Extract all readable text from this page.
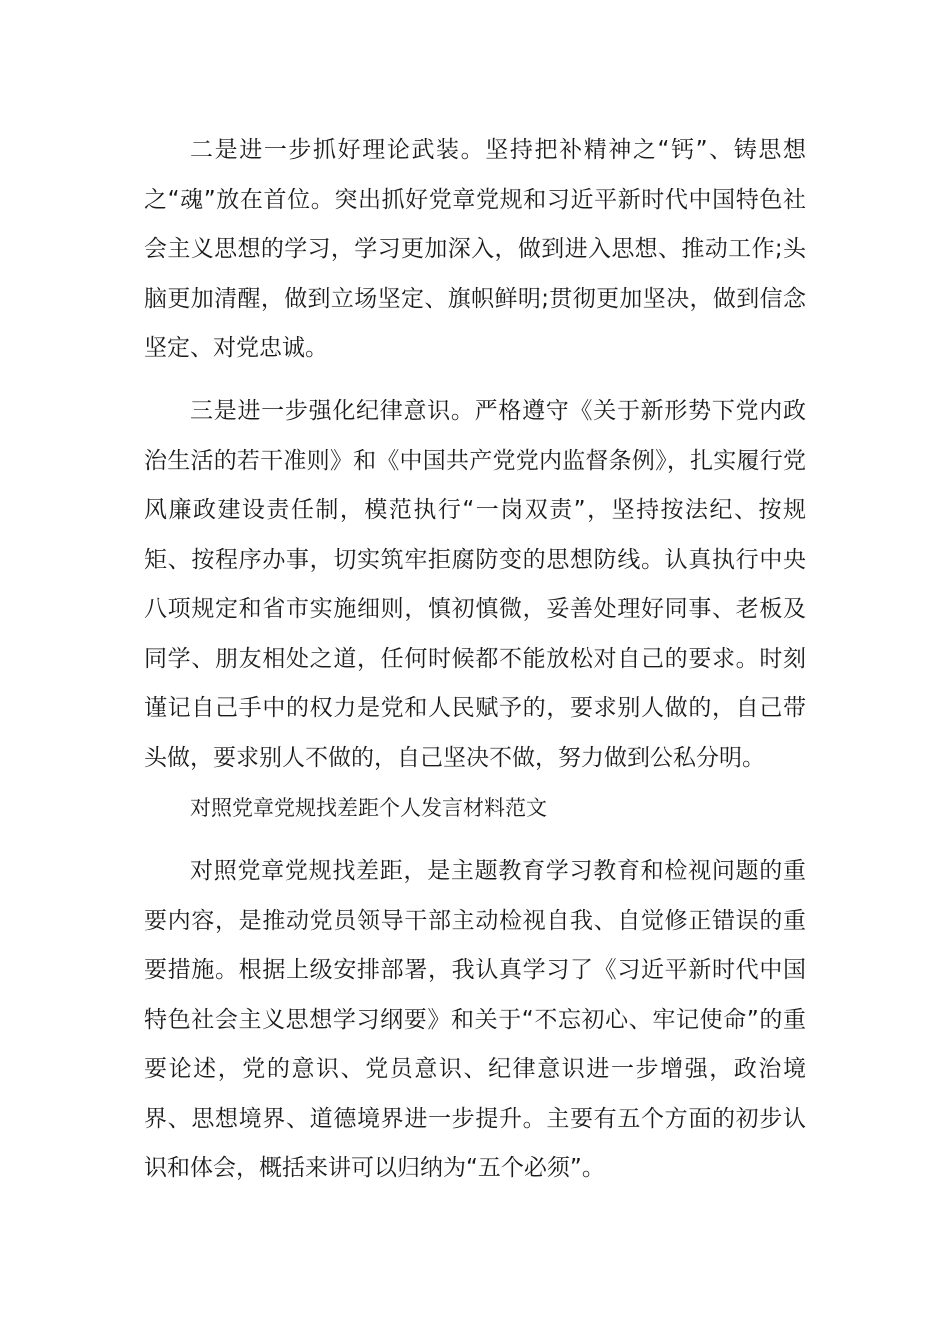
二是进一步抓好理论武装。坚持把补精神之“钙”、铸思想之“魂”放在首位。突出抓好党章党规和习近平新时代中国特色社会主义思想的学习，学习更加深入，做到进入思想、推动工作;头脑更加清醒，做到立场坚定、旗帜鲜明;贯彻更加坚决，做到信念坚定、对党忠诚。

三是进一步强化纪律意识。严格遵守《关于新形势下党内政治生活的若干准则》和《中国共产党党内监督条例》，扎实履行党风廉政建设责任制，模范执行“一岗双责”，坚持按法纪、按规矩、按程序办事，切实筑牢拒腐防变的思想防线。认真执行中央八项规定和省市实施细则，慎初慎微，妥善处理好同事、老板及同学、朋友相处之道，任何时候都不能放松对自己的要求。时刻谨记自己手中的权力是党和人民赋予的，要求别人做的，自己带头做，要求别人不做的，自己坚决不做，努力做到公私分明。

对照党章党规找差距个人发言材料范文

对照党章党规找差距，是主题教育学习教育和检视问题的重要内容，是推动党员领导干部主动检视自我、自觉修正错误的重要措施。根据上级安排部署，我认真学习了《习近平新时代中国特色社会主义思想学习纲要》和关于“不忘初心、牢记使命”的重要论述，党的意识、党员意识、纪律意识进一步增强，政治境界、思想境界、道德境界进一步提升。主要有五个方面的初步认识和体会，概括来讲可以归纳为“五个必须”。
